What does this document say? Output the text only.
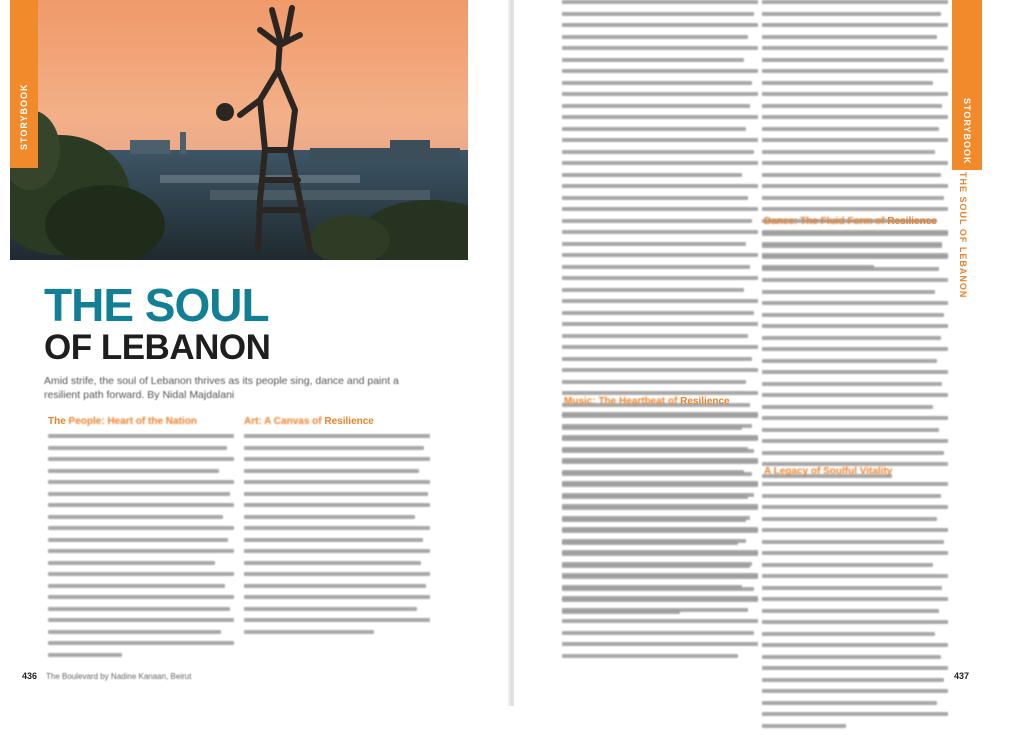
STORYBOOK
THE SOUL
OF LEBANON
Amid strife, the soul of Lebanon thrives as its people sing, dance and paint a resilient path forward. By Nidal Majdalani
The People: Heart of the Nation	Art: A Canvas of Resilience
436 The Boulevard by Nadine Kanaan, Beirut
Music: The Heartbeat of Resilience
Dance: The Fluid Form of Resilience
A Legacy of Soulful Vitality
437
STORYBOOK
THE SOUL OF LEBANON
